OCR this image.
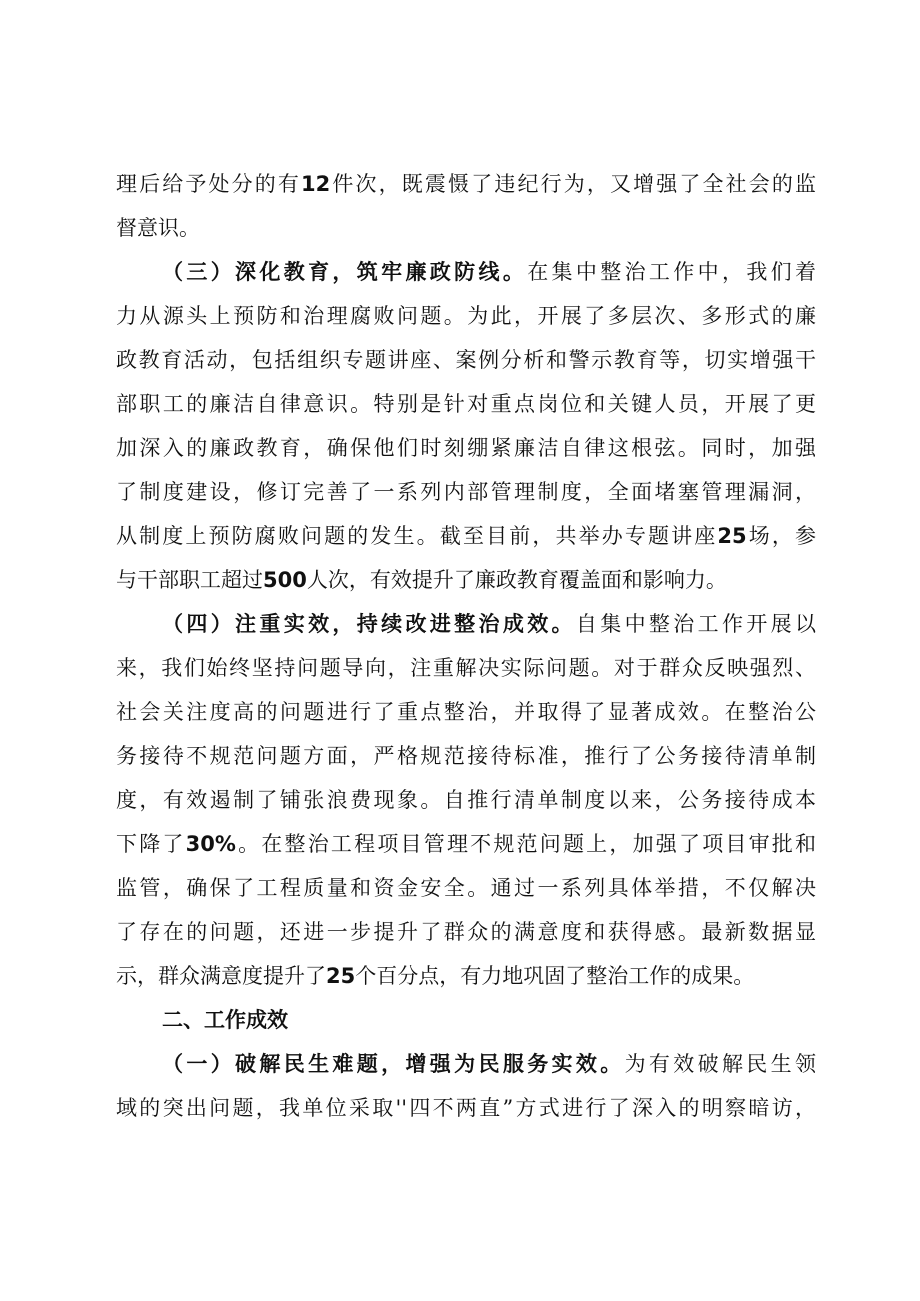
理后给予处分的有12件次，既震慑了违纪行为，又增强了全社会的监
督意识。
（三）深化教育，筑牢廉政防线。在集中整治工作中，我们着
力从源头上预防和治理腐败问题。为此，开展了多层次、多形式的廉
政教育活动，包括组织专题讲座、案例分析和警示教育等，切实增强干
部职工的廉洁自律意识。特别是针对重点岗位和关键人员，开展了更
加深入的廉政教育，确保他们时刻绷紧廉洁自律这根弦。同时，加强
了制度建设，修订完善了一系列内部管理制度，全面堵塞管理漏洞，
从制度上预防腐败问题的发生。截至目前，共举办专题讲座25场，参
与干部职工超过500人次，有效提升了廉政教育覆盖面和影响力。
（四）注重实效，持续改进整治成效。自集中整治工作开展以
来，我们始终坚持问题导向，注重解决实际问题。对于群众反映强烈、
社会关注度高的问题进行了重点整治，并取得了显著成效。在整治公
务接待不规范问题方面，严格规范接待标准，推行了公务接待清单制
度，有效遏制了铺张浪费现象。自推行清单制度以来，公务接待成本
下降了30%。在整治工程项目管理不规范问题上，加强了项目审批和
监管，确保了工程质量和资金安全。通过一系列具体举措，不仅解决
了存在的问题，还进一步提升了群众的满意度和获得感。最新数据显
示，群众满意度提升了25个百分点，有力地巩固了整治工作的成果。
二、工作成效
（一）破解民生难题，增强为民服务实效。为有效破解民生领
域的突出问题，我单位采取''四不两直”方式进行了深入的明察暗访，
